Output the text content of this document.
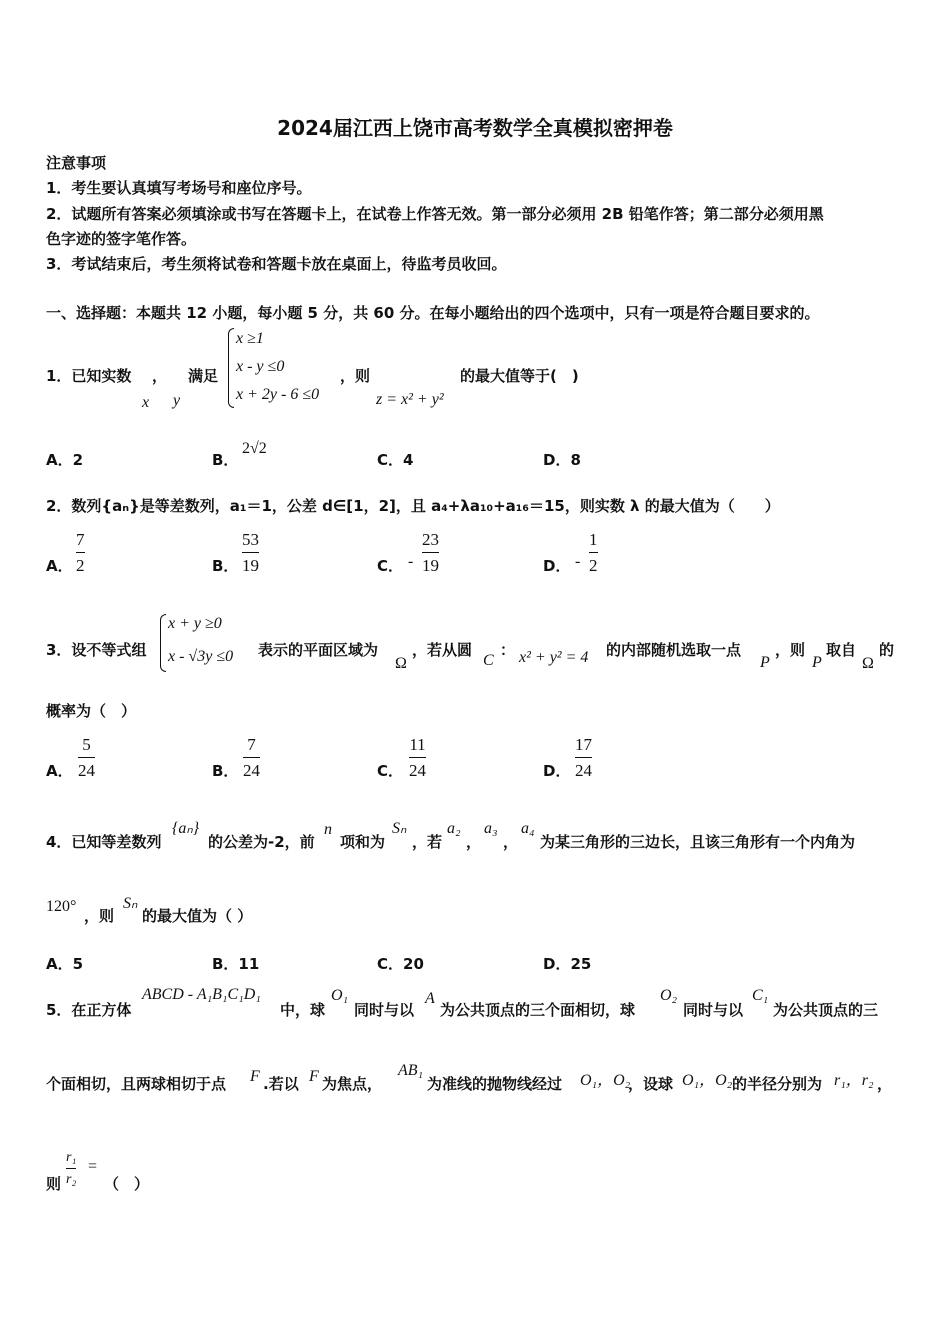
2024届江西上饶市高考数学全真模拟密押卷
注意事项
1．考生要认真填写考场号和座位序号。
2．试题所有答案必须填涂或书写在答题卡上，在试卷上作答无效。第一部分必须用 2B 铅笔作答；第二部分必须用黑
色字迹的签字笔作答。
3．考试结束后，考生须将试卷和答题卡放在桌面上，待监考员收回。
一、选择题：本题共 12 小题，每小题 5 分，共 60 分。在每小题给出的四个选项中，只有一项是符合题目要求的。
1．已知实数 ， 满足
x y
x ≥1
x - y ≤0
x + 2y - 6 ≤0
，则
z = x² + y²
的最大值等于(　)
A．2	B．
2√2
C．4	D．8
2．数列{aₙ}是等差数列，a₁＝1，公差 d∈[1，2]，且 a₄+λa₁₀+a₁₆＝15，则实数 λ 的最大值为（　　）
A．
7
2	B．
53
19	C． -
23
19	D． -
1
2
3．设不等式组
x + y ≥0
x - √3y ≤0 表示的平面区域为
Ω
，若从圆
C
： x² + y² = 4 的内部随机选取一点
P
，则
P
取自
Ω
的
概率为（　）
A．
5
24	B．
7
24	C．
11
24	D．
17
24
4．已知等差数列
{aₙ}
的公差为-2，前
n
项和为
Sₙ
，若
a₂
，
a₃
，
a₄
为某三角形的三边长，且该三角形有一个内角为
120°
，则
Sₙ
的最大值为（ ）
A．5	B．11	C．20	D．25
5．在正方体
ABCD - A₁B₁C₁D₁
中，球
O₁
同时与以
A
为公共顶点的三个面相切，球
O₂
同时与以
C₁
为公共顶点的三
个面相切，且两球相切于点 F .若以 F 为焦点，
AB₁
为准线的抛物线经过 O₁，O₂
，设球 O₁，O₂ 的半径分别为 r₁，r₂ ，
则
r₁
r₂
=
（　）
